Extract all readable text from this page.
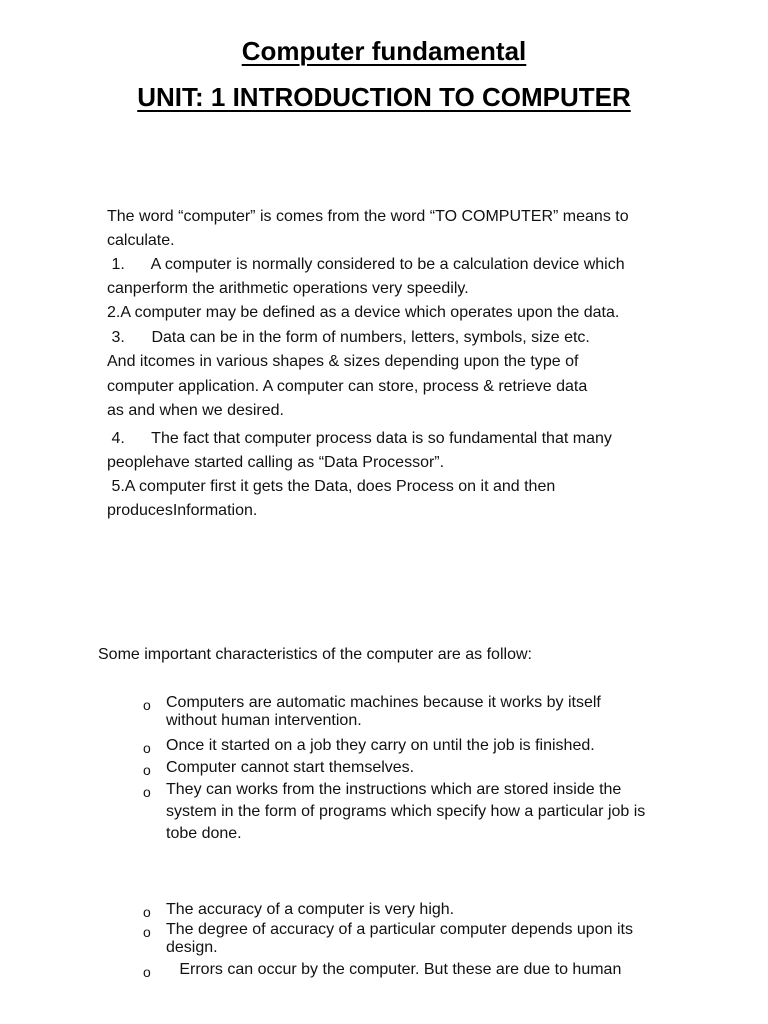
Computer fundamental
UNIT: 1 INTRODUCTION TO COMPUTER

The word “computer” is comes from the word “TO COMPUTER” means to

calculate.

1.      A computer is normally considered to be a calculation device which

canperform the arithmetic operations very speedily.

2.A computer may be defined as a device which operates upon the data.

3.      Data can be in the form of numbers, letters, symbols, size etc.

And itcomes in various shapes & sizes depending upon the type of

computer application. A computer can store, process & retrieve data

as and when we desired.

4.      The fact that computer process data is so fundamental that many

peoplehave started calling as “Data Processor”.

5.A computer first it gets the Data, does Process on it and then

producesInformation.

Some important characteristics of the computer are as follow:

o Computers are automatic machines because it works by itself
without human intervention.
o Once it started on a job they carry on until the job is finished.
o Computer cannot start themselves.
o They can works from the instructions which are stored inside the
system in the form of programs which specify how a particular job is
tobe done.
o The accuracy of a computer is very high.
o The degree of accuracy of a particular computer depends upon its
design.
o Errors can occur by the computer. But these are due to human
